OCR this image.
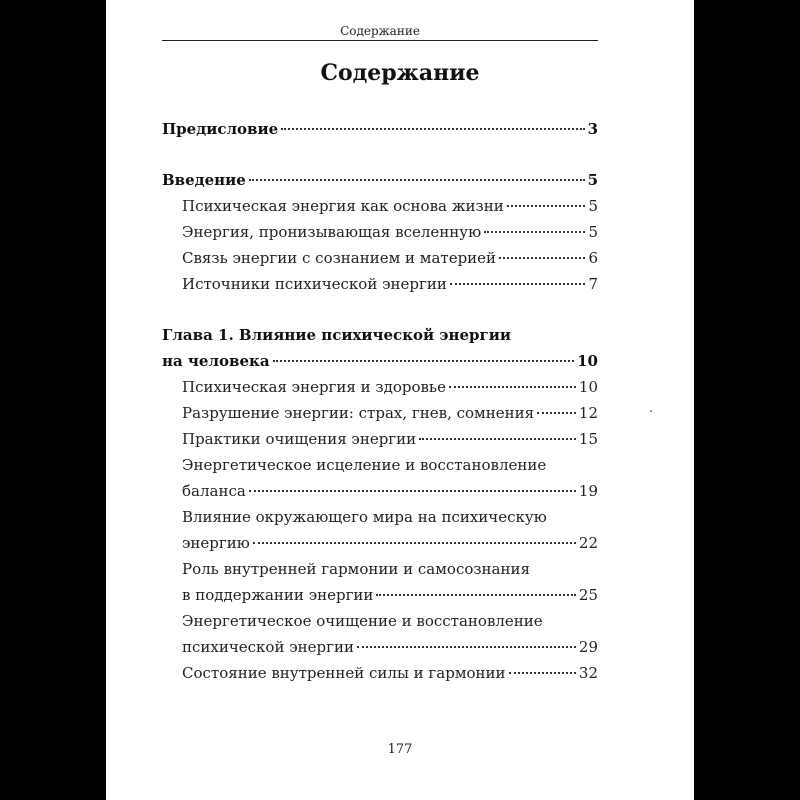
Содержание
Содержание
Предисловие	3
Введение	5
Психическая энергия как основа жизни	5
Энергия, пронизывающая вселенную	5
Связь энергии с сознанием и материей	6
Источники психической энергии	7
Глава 1. Влияние психической энергии
на человека	10
Психическая энергия и здоровье	10
Разрушение энергии: страх, гнев, сомнения	12
Практики очищения энергии	15
Энергетическое исцеление и восстановление
баланса	19
Влияние окружающего мира на психическую
энергию	22
Роль внутренней гармонии и самосознания
в поддержании энергии	25
Энергетическое очищение и восстановление
психической энергии	29
Состояние внутренней силы и гармонии	32
177
